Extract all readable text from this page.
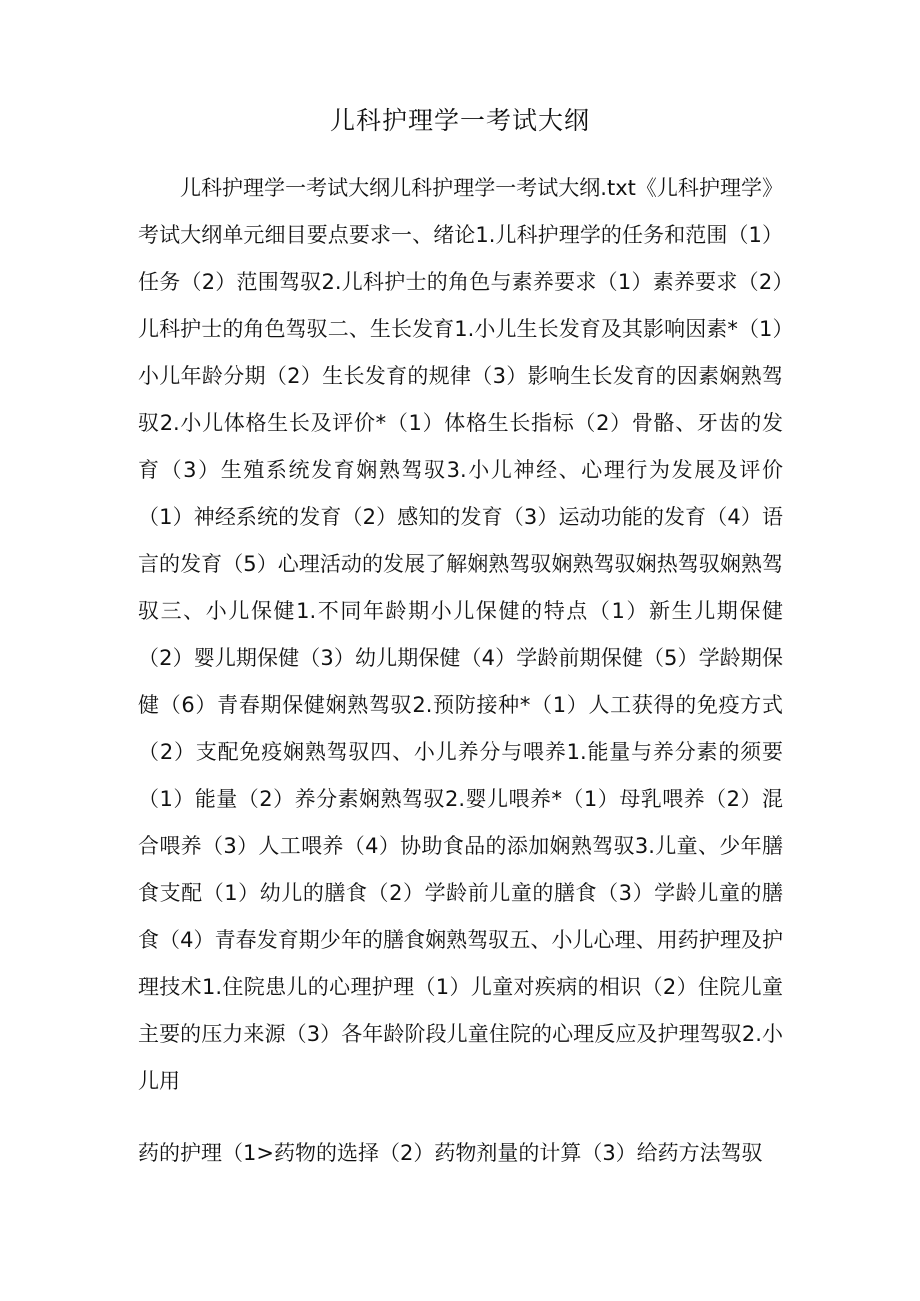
儿科护理学一考试大纲

儿科护理学一考试大纲儿科护理学一考试大纲.txt《儿科护理学》考试大纲单元细目要点要求一、绪论1.儿科护理学的任务和范围（1）任务（2）范围驾驭2.儿科护士的角色与素养要求（1）素养要求（2）儿科护士的角色驾驭二、生长发育1.小儿生长发育及其影响因素*（1）小儿年龄分期（2）生长发育的规律（3）影响生长发育的因素娴熟驾驭2.小儿体格生长及评价*（1）体格生长指标（2）骨骼、牙齿的发育（3）生殖系统发育娴熟驾驭3.小儿神经、心理行为发展及评价（1）神经系统的发育（2）感知的发育（3）运动功能的发育（4）语言的发育（5）心理活动的发展了解娴熟驾驭娴熟驾驭娴热驾驭娴熟驾驭三、小儿保健1.不同年龄期小儿保健的特点（1）新生儿期保健（2）婴儿期保健（3）幼儿期保健（4）学龄前期保健（5）学龄期保健（6）青春期保健娴熟驾驭2.预防接种*（1）人工获得的免疫方式（2）支配免疫娴熟驾驭四、小儿养分与喂养1.能量与养分素的须要（1）能量（2）养分素娴熟驾驭2.婴儿喂养*（1）母乳喂养（2）混合喂养（3）人工喂养（4）协助食品的添加娴熟驾驭3.儿童、少年膳食支配（1）幼儿的膳食（2）学龄前儿童的膳食（3）学龄儿童的膳食（4）青春发育期少年的膳食娴熟驾驭五、小儿心理、用药护理及护理技术1.住院患儿的心理护理（1）儿童对疾病的相识（2）住院儿童主要的压力来源（3）各年龄阶段儿童住院的心理反应及护理驾驭2.小儿用

药的护理（1>药物的选择（2）药物剂量的计算（3）给药方法驾驭
